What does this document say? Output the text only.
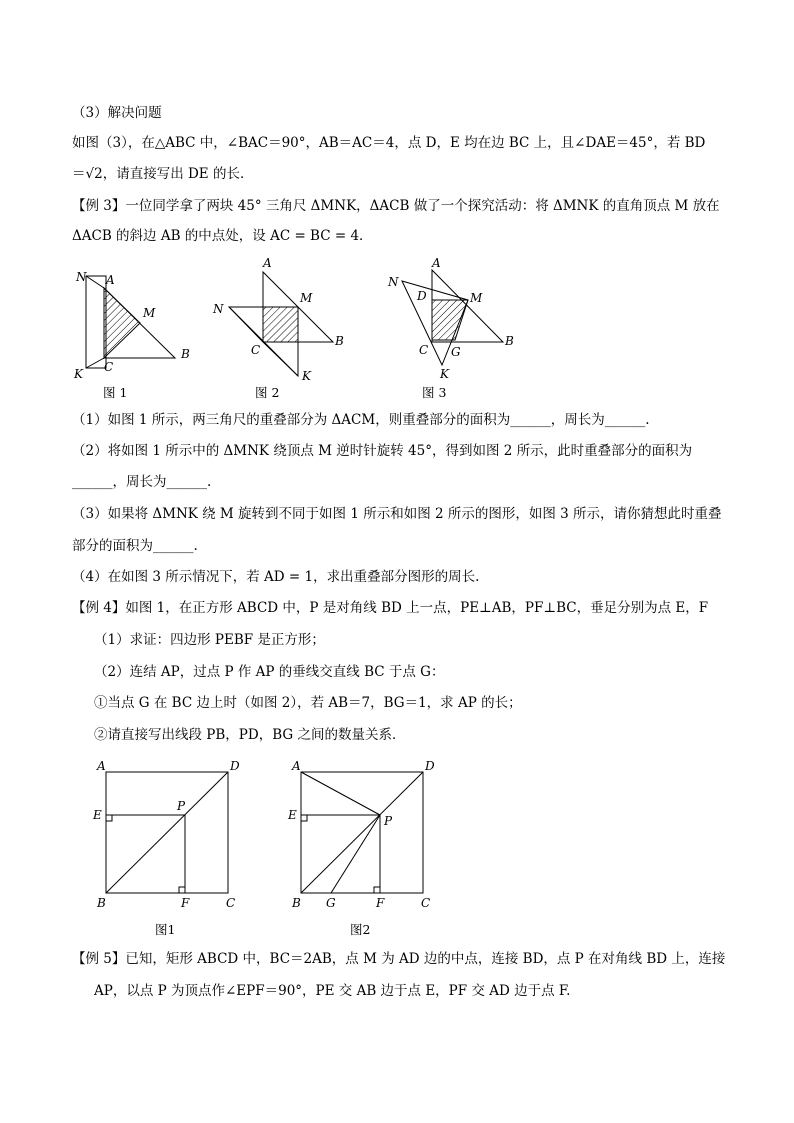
（3）解决问题
如图（3），在△ABC 中，∠BAC＝90°，AB＝AC＝4，点 D，E 均在边 BC 上，且∠DAE＝45°，若 BD
＝√2，请直接写出 DE 的长．
【例 3】一位同学拿了两块 45° 三角尺 ΔMNK，ΔACB 做了一个探究活动：将 ΔMNK 的直角顶点 M 放在
ΔACB 的斜边 AB 的中点处，设 AC = BC = 4．
（1）如图 1 所示，两三角尺的重叠部分为 ΔACM，则重叠部分的面积为______，周长为______.
（2）将如图 1 所示中的 ΔMNK 绕顶点 M 逆时针旋转 45°，得到如图 2 所示，此时重叠部分的面积为
______，周长为______.
（3）如果将 ΔMNK 绕 M 旋转到不同于如图 1 所示和如图 2 所示的图形，如图 3 所示，请你猜想此时重叠
部分的面积为______.
（4）在如图 3 所示情况下，若 AD = 1，求出重叠部分图形的周长.
【例 4】如图 1，在正方形 ABCD 中，P 是对角线 BD 上一点，PE⊥AB，PF⊥BC，垂足分别为点 E，F
（1）求证：四边形 PEBF 是正方形；
（2）连结 AP，过点 P 作 AP 的垂线交直线 BC 于点 G：
①当点 G 在 BC 边上时（如图 2），若 AB＝7，BG＝1，求 AP 的长；
②请直接写出线段 PB，PD，BG 之间的数量关系．
【例 5】已知，矩形 ABCD 中，BC＝2AB，点 M 为 AD 边的中点，连接 BD，点 P 在对角线 BD 上，连接
AP，以点 P 为顶点作∠EPF＝90°，PE 交 AB 边于点 E，PF 交 AD 边于点 F.
N A
M
C
B
K
图 1
A
M
N
C
B
K
图 2
N
A
D	M
C G
B
K
图 3
A	D
E
P
B	F	C
图1
A	D
E	P
B G	F	C
图2
